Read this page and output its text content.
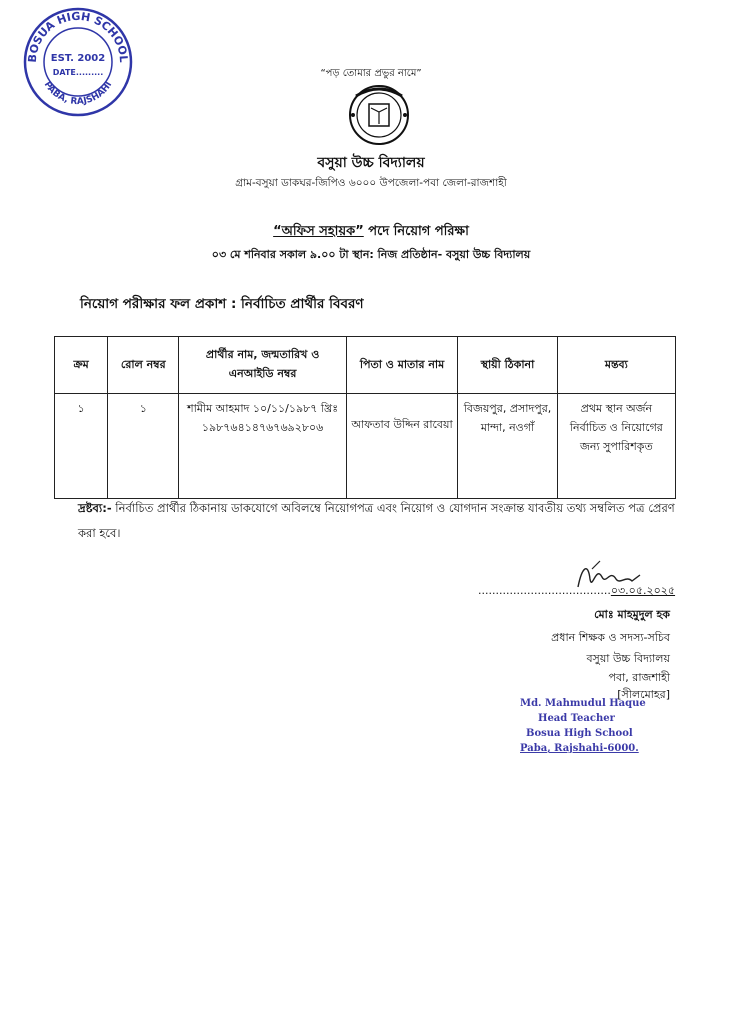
BOSUA HIGH SCHOOL
PABA, RAJSHAHI
EST. 2002
DATE.........	“পড় তোমার প্রভুর নামে”
বসুয়া উচ্চ বিদ্যালয়
গ্রাম-বসুয়া ডাকঘর-জিপিও ৬০০০ উপজেলা-পবা জেলা-রাজশাহী
“অফিস সহায়ক” পদে নিয়োগ পরিক্ষা
০৩ মে শনিবার সকাল ৯.০০ টা স্থান: নিজ প্রতিষ্ঠান- বসুয়া উচ্চ বিদ্যালয়
নিয়োগ পরীক্ষার ফল প্রকাশ : নির্বাচিত প্রার্থীর বিবরণ
ক্রম	রোল নম্বর	প্রার্থীর নাম, জন্মতারিখ ও এনআইডি নম্বর	পিতা ও মাতার নাম	স্থায়ী ঠিকানা	মন্তব্য
১	১	শামীম আহমাদ ১০/১১/১৯৮৭ খ্রিঃ ১৯৮৭৬৪১৪৭৬৭৬৯২৮০৬	আফতাব উদ্দিন রাবেয়া	বিজয়পুর, প্রসাদপুর, মান্দা, নওগাঁ	প্রথম স্থান অর্জন নির্বাচিত ও নিয়োগের জন্য সুপারিশকৃত
দ্রষ্টব্য:- নির্বাচিত প্রার্থীর ঠিকানায় ডাকযোগে অবিলম্বে নিয়োগপত্র এবং নিয়োগ ও যোগদান সংক্রান্ত যাবতীয় তথ্য সম্বলিত পত্র প্রেরণ করা হবে।
......................................০৩.০৫.২০২৫
মোঃ মাহমুদুল হক
প্রধান শিক্ষক ও সদস্য-সচিব
বসুয়া উচ্চ বিদ্যালয়
পবা, রাজশাহী
[সীলমোহর]
Md. Mahmudul Haque
Head Teacher
Bosua High School
Paba, Rajshahi-6000.
